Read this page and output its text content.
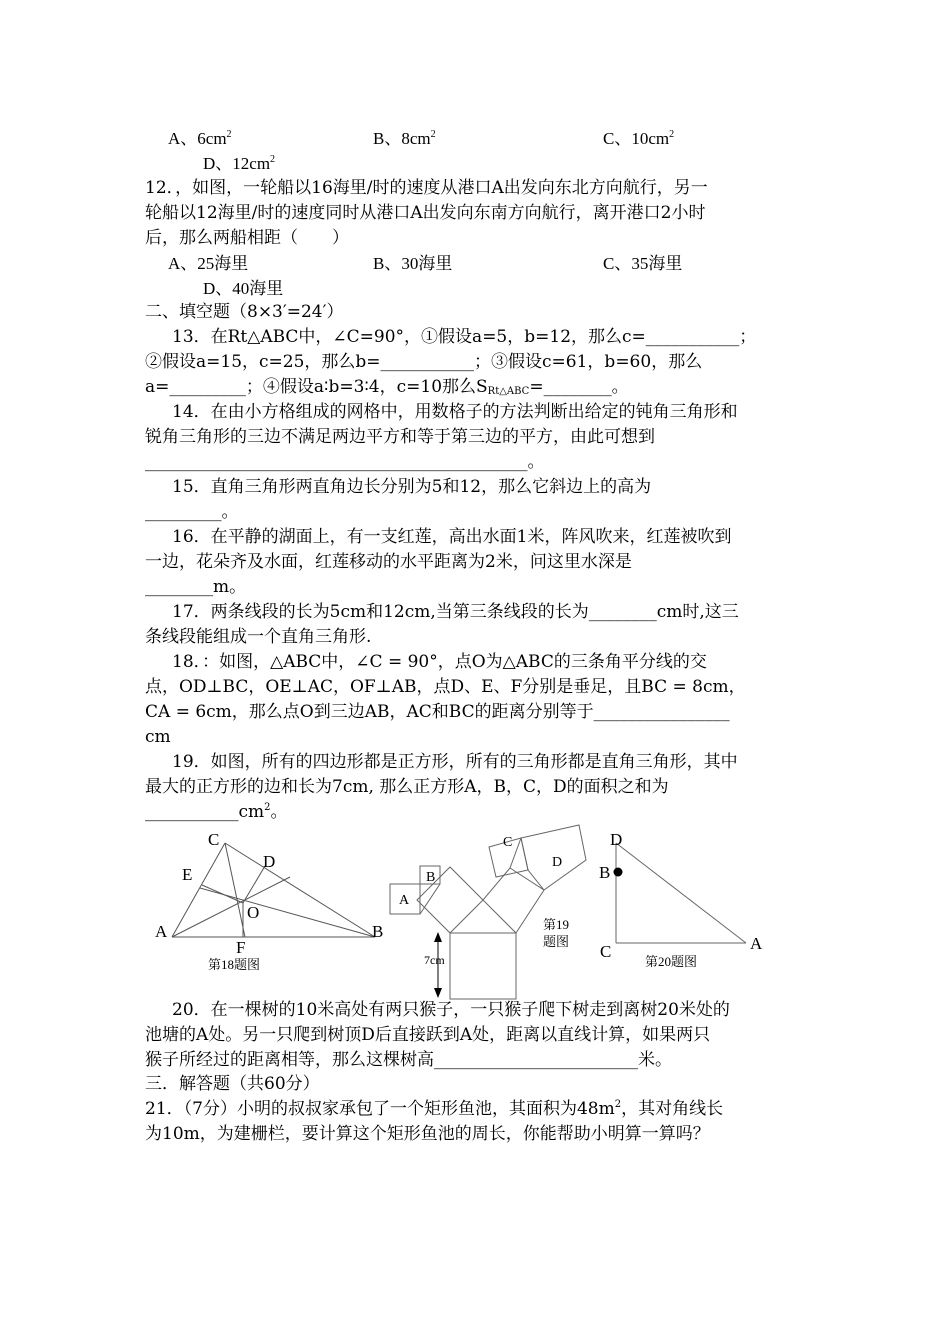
A、$6cm^2$	B、$8cm^2$	C、$10cm^2$
D、$12cm^2$
12．，如图，一轮船以16海里/时的速度从港口A出发向东北方向航行，另一
轮船以12海里/时的速度同时从港口A出发向东南方向航行，离开港口2小时
后，那么两船相距（　　）
A、25海里	B、30海里	C、35海里
D、40海里
二、填空题（8×3′=24′）
13．在Rt△ABC中，∠C=90°，①假设a=5，b=12，那么c=___________；
②假设a=15，c=25，那么b=___________；③假设c=61，b=60，那么
a=_________；④假设a∶b=3∶4，c=10那么$S_{Rt\triangle ABC}=\_\_\_\_\_\_\_\_$。
14．在由小方格组成的网格中，用数格子的方法判断出给定的钝角三角形和
锐角三角形的三边不满足两边平方和等于第三边的平方，由此可想到
_____________________________________________。
15．直角三角形两直角边长分别为5和12，那么它斜边上的高为
_________。
16．在平静的湖面上，有一支红莲，高出水面1米，阵风吹来，红莲被吹到
一边，花朵齐及水面，红莲移动的水平距离为2米，问这里水深是
________m。
17．两条线段的长为5cm和12cm,当第三条线段的长为________cm时,这三
条线段能组成一个直角三角形.
18．：如图，△ABC中，∠C = 90°，点O为△ABC的三条角平分线的交
点，OD⊥BC，OE⊥AC，OF⊥AB，点D、E、F分别是垂足，且BC = 8cm，
CA = 6cm，那么点O到三边AB，AC和BC的距离分别等于________________
cm
19．如图，所有的四边形都是正方形，所有的三角形都是直角三角形，其中
最大的正方形的边和长为7cm, 那么正方形A，B，C，D的面积之和为
$\_\_\_\_\_\_\_\_\_\_\_cm^2$。
C
D
E
O
A	B
F
第18题图
C
D
B
A
7cm
第19
题图
D
B
C	A
第20题图
20．在一棵树的10米高处有两只猴子，一只猴子爬下树走到离树20米处的
池塘的A处。另一只爬到树顶D后直接跃到A处，距离以直线计算，如果两只
猴子所经过的距离相等，那么这棵树高________________________米。
三．解答题（共60分）
21．（7分）小明的叔叔家承包了一个矩形鱼池，其面积为$48m^2$，其对角线长
为10m，为建栅栏，要计算这个矩形鱼池的周长，你能帮助小明算一算吗？
